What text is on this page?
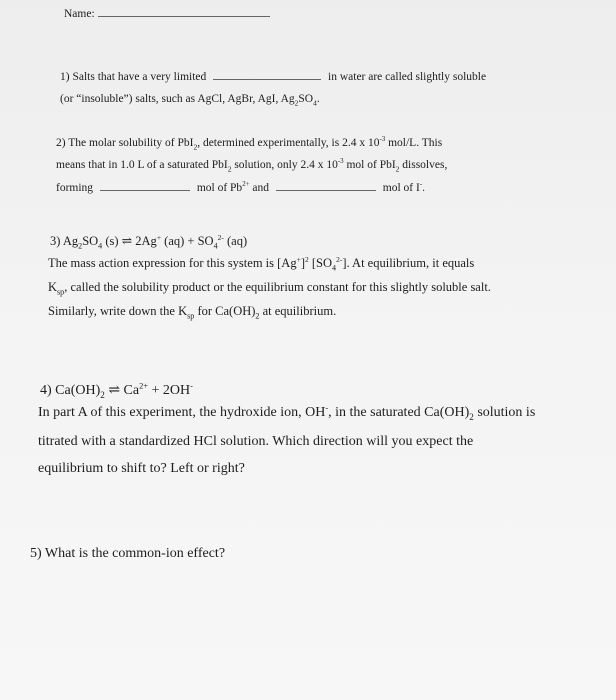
Name:
1) Salts that have a very limited	in water are called slightly soluble
(or “insoluble”) salts, such as AgCl, AgBr, AgI, $Ag_2SO_4$.
2) The molar solubility of PbI$_2$, determined experimentally, is 2.4 x $10^{-3}$ mol/L. This
means that in 1.0 L of a saturated PbI$_2$ solution, only 2.4 x $10^{-3}$ mol of PbI$_2$ dissolves,
forming	mol of $Pb^{2+}$ and	mol of I-.
3) $Ag_2SO_4$ (s) ⇌ 2Ag+ $(aq) + SO_4^{2-}$ (aq)
The mass action expression for this system is $[Ag^+]^2$ $[SO_4^{2-}]$. At equilibrium, it equals
$K_{sp}$, called the solubility product or the equilibrium constant for this slightly soluble salt.
Similarly, write down the $K_{sp}$ for $Ca(OH)_2$ at equilibrium.
4) $Ca(OH)_2$ ⇌ $Ca^{2+} + 2OH^-$
In part A of this experiment, the hydroxide ion, OH-, in the saturated $Ca(OH)_2$ solution is
titrated with a standardized HCl solution. Which direction will you expect the
equilibrium to shift to? Left or right?
5) What is the common-ion effect?
